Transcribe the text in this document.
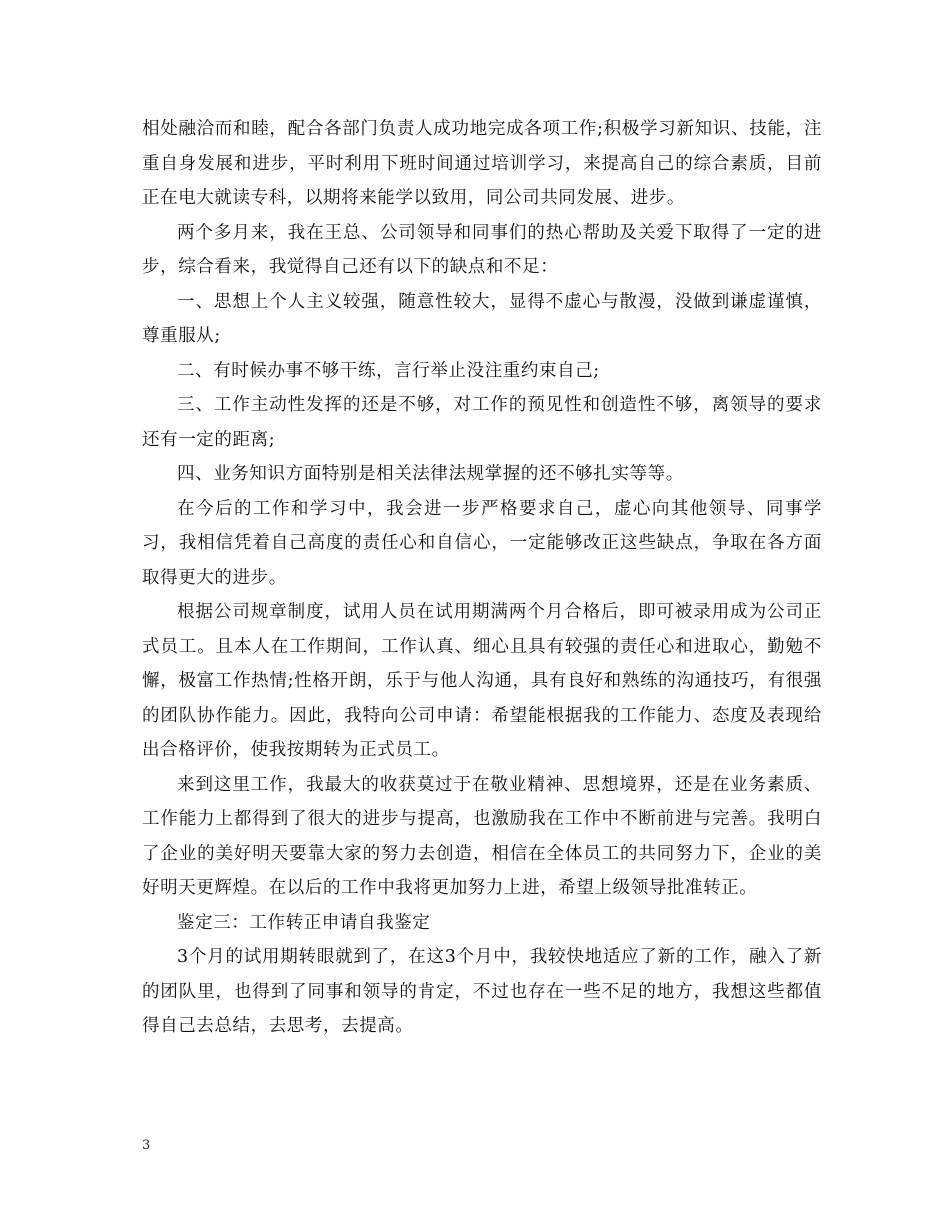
相处融洽而和睦，配合各部门负责人成功地完成各项工作;积极学习新知识、技能，注重自身发展和进步，平时利用下班时间通过培训学习，来提高自己的综合素质，目前正在电大就读专科，以期将来能学以致用，同公司共同发展、进步。

两个多月来，我在王总、公司领导和同事们的热心帮助及关爱下取得了一定的进步，综合看来，我觉得自己还有以下的缺点和不足：

一、思想上个人主义较强，随意性较大，显得不虚心与散漫，没做到谦虚谨慎，尊重服从;

二、有时候办事不够干练，言行举止没注重约束自己;

三、工作主动性发挥的还是不够，对工作的预见性和创造性不够，离领导的要求还有一定的距离;

四、业务知识方面特别是相关法律法规掌握的还不够扎实等等。

在今后的工作和学习中，我会进一步严格要求自己，虚心向其他领导、同事学习，我相信凭着自己高度的责任心和自信心，一定能够改正这些缺点，争取在各方面取得更大的进步。

根据公司规章制度，试用人员在试用期满两个月合格后，即可被录用成为公司正式员工。且本人在工作期间，工作认真、细心且具有较强的责任心和进取心，勤勉不懈，极富工作热情;性格开朗，乐于与他人沟通，具有良好和熟练的沟通技巧，有很强的团队协作能力。因此，我特向公司申请：希望能根据我的工作能力、态度及表现给出合格评价，使我按期转为正式员工。

来到这里工作，我最大的收获莫过于在敬业精神、思想境界，还是在业务素质、工作能力上都得到了很大的进步与提高，也激励我在工作中不断前进与完善。我明白了企业的美好明天要靠大家的努力去创造，相信在全体员工的共同努力下，企业的美好明天更辉煌。在以后的工作中我将更加努力上进，希望上级领导批准转正。

鉴定三：工作转正申请自我鉴定

3个月的试用期转眼就到了，在这3个月中，我较快地适应了新的工作，融入了新的团队里，也得到了同事和领导的肯定，不过也存在一些不足的地方，我想这些都值得自己去总结，去思考，去提高。

3
